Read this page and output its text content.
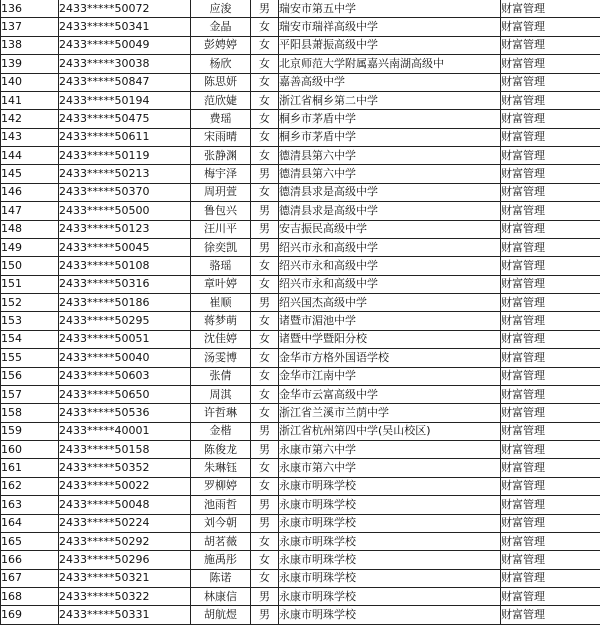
136	2433*****50072	应浚	男	瑞安市第五中学	财富管理
137	2433*****50341	金晶	女	瑞安市瑞祥高级中学	财富管理
138	2433*****50049	彭娉婷	女	平阳县萧振高级中学	财富管理
139	2433*****30038	杨欣	女	北京师范大学附属嘉兴南湖高级中	财富管理
140	2433*****50847	陈思妍	女	嘉善高级中学	财富管理
141	2433*****50194	范欣婕	女	浙江省桐乡第二中学	财富管理
142	2433*****50475	费瑶	女	桐乡市茅盾中学	财富管理
143	2433*****50611	宋雨晴	女	桐乡市茅盾中学	财富管理
144	2433*****50119	张静渊	女	德清县第六中学	财富管理
145	2433*****50213	梅宇泽	男	德清县第六中学	财富管理
146	2433*****50370	周玥萱	女	德清县求是高级中学	财富管理
147	2433*****50500	鲁包兴	男	德清县求是高级中学	财富管理
148	2433*****50123	汪川平	男	安吉振民高级中学	财富管理
149	2433*****50045	徐奕凯	男	绍兴市永和高级中学	财富管理
150	2433*****50108	骆瑶	女	绍兴市永和高级中学	财富管理
151	2433*****50316	章叶婷	女	绍兴市永和高级中学	财富管理
152	2433*****50186	崔顺	男	绍兴国杰高级中学	财富管理
153	2433*****50295	蒋梦萌	女	诸暨市湄池中学	财富管理
154	2433*****50051	沈佳婷	女	诸暨中学暨阳分校	财富管理
155	2433*****50040	汤雯博	女	金华市方格外国语学校	财富管理
156	2433*****50603	张倩	女	金华市江南中学	财富管理
157	2433*****50650	周淇	女	金华市云富高级中学	财富管理
158	2433*****50536	许哲琳	女	浙江省兰溪市兰荫中学	财富管理
159	2433*****40001	金楷	男	浙江省杭州第四中学(吴山校区)	财富管理
160	2433*****50158	陈俊龙	男	永康市第六中学	财富管理
161	2433*****50352	朱琳钰	女	永康市第六中学	财富管理
162	2433*****50022	罗柳婷	女	永康市明珠学校	财富管理
163	2433*****50048	池雨哲	男	永康市明珠学校	财富管理
164	2433*****50224	刘今朝	男	永康市明珠学校	财富管理
165	2433*****50292	胡茗薇	女	永康市明珠学校	财富管理
166	2433*****50296	施禹彤	女	永康市明珠学校	财富管理
167	2433*****50321	陈诺	女	永康市明珠学校	财富管理
168	2433*****50322	林康信	男	永康市明珠学校	财富管理
169	2433*****50331	胡航煜	男	永康市明珠学校	财富管理
